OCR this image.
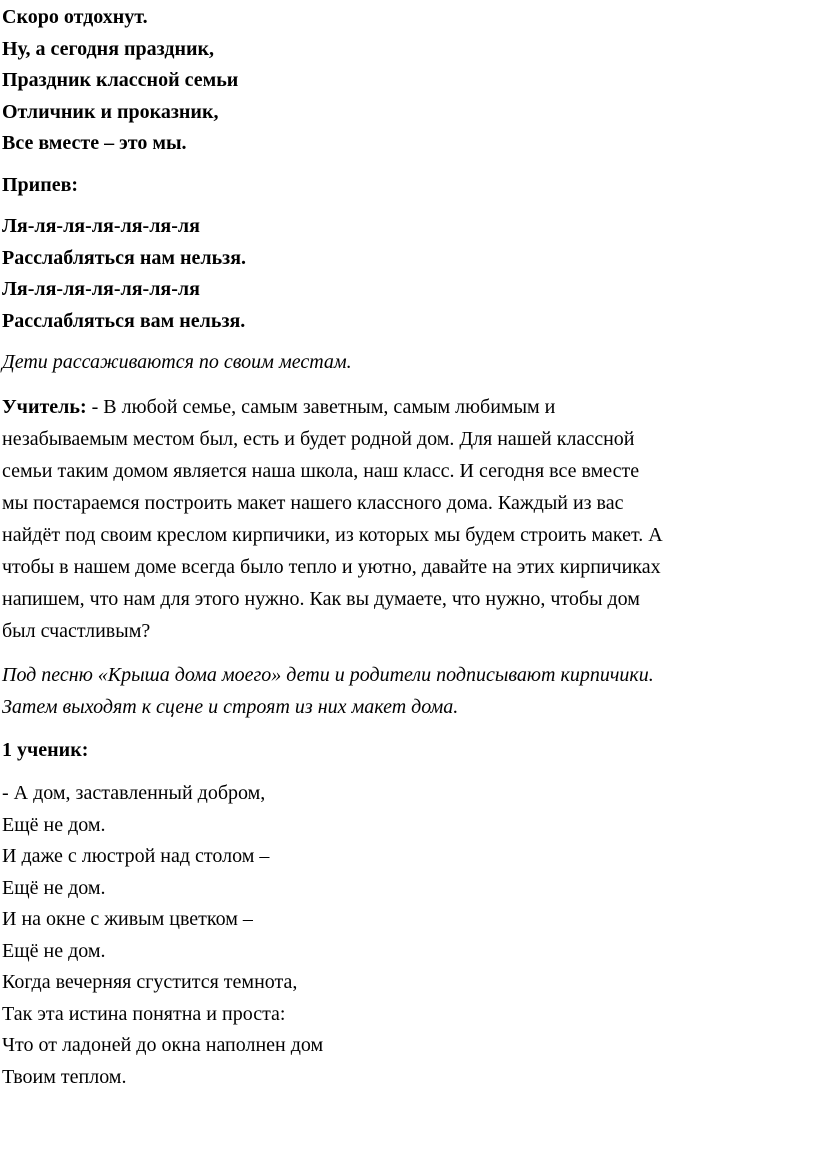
Скоро отдохнут.
Ну, а сегодня праздник,
Праздник классной семьи
Отличник и проказник,
Все вместе – это мы.
Припев:
Ля-ля-ля-ля-ля-ля-ля
Расслабляться нам нельзя.
Ля-ля-ля-ля-ля-ля-ля
Расслабляться вам нельзя.
Дети рассаживаются по своим местам.
Учитель: - В любой семье, самым заветным, самым любимым и
незабываемым местом был, есть и будет родной дом. Для нашей классной
семьи таким домом является наша школа, наш класс. И сегодня все вместе
мы постараемся построить макет нашего классного дома. Каждый из вас
найдёт под своим креслом кирпичики, из которых мы будем строить макет. А
чтобы в нашем доме всегда было тепло и уютно, давайте на этих кирпичиках
напишем, что нам для этого нужно. Как вы думаете, что нужно, чтобы дом
был счастливым?
Под песню «Крыша дома моего» дети и родители подписывают кирпичики.
Затем выходят к сцене и строят из них макет дома.
1 ученик:
- А дом, заставленный добром,
Ещё не дом.
И даже с люстрой над столом –
Ещё не дом.
И на окне с живым цветком –
Ещё не дом.
Когда вечерняя сгустится темнота,
Так эта истина понятна и проста:
Что от ладоней до окна наполнен дом
Твоим теплом.
